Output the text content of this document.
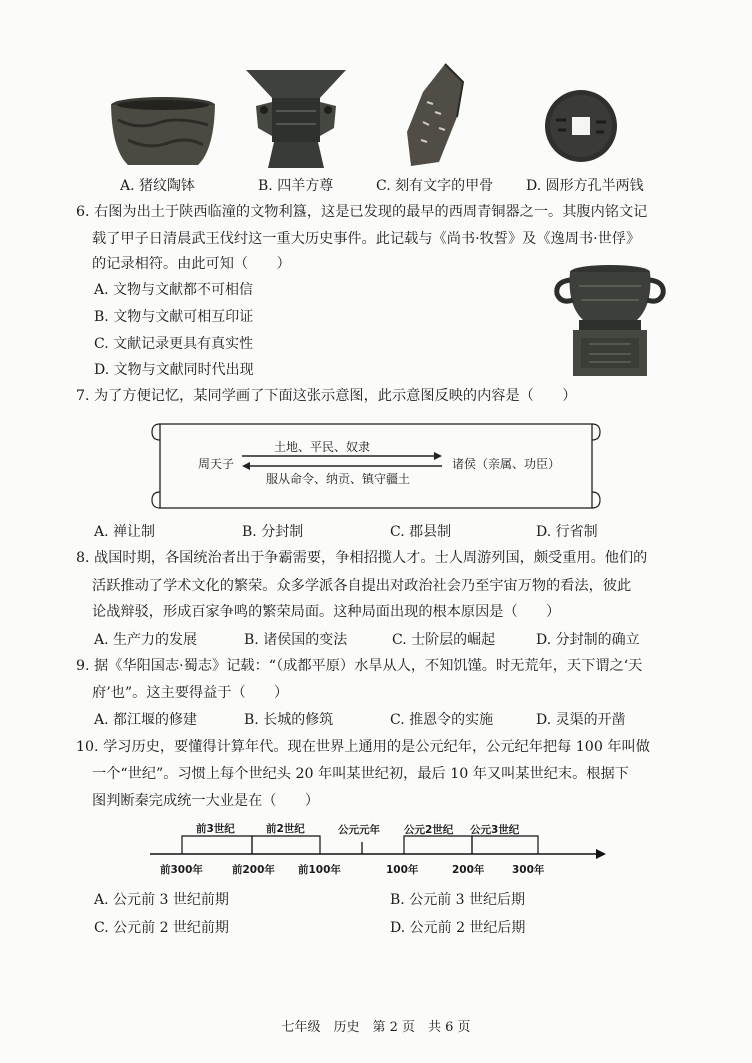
A. 猪纹陶钵	B. 四羊方尊	C. 刻有文字的甲骨 D. 圆形方孔半两钱
6. 右图为出土于陕西临潼的文物利簋，这是已发现的最早的西周青铜器之一。其腹内铭文记
载了甲子日清晨武王伐纣这一重大历史事件。此记载与《尚书·牧誓》及《逸周书·世俘》
的记录相符。由此可知（　　）
A. 文物与文献都不可相信
B. 文物与文献可相互印证
C. 文献记录更具有真实性
D. 文物与文献同时代出现
7. 为了方便记忆，某同学画了下面这张示意图，此示意图反映的内容是（　　）
周天子
土地、平民、奴隶
服从命令、纳贡、镇守疆土
诸侯（亲属、功臣）
A. 禅让制	B. 分封制	C. 郡县制	D. 行省制
8. 战国时期，各国统治者出于争霸需要，争相招揽人才。士人周游列国，颇受重用。他们的
活跃推动了学术文化的繁荣。众多学派各自提出对政治社会乃至宇宙万物的看法，彼此
论战辩驳，形成百家争鸣的繁荣局面。这种局面出现的根本原因是（　　）
A. 生产力的发展	B. 诸侯国的变法	C. 士阶层的崛起	D. 分封制的确立
9. 据《华阳国志·蜀志》记载：“（成都平原）水旱从人，不知饥馑。时无荒年，天下谓之‘天
府’也”。这主要得益于（　　）
A. 都江堰的修建	B. 长城的修筑	C. 推恩令的实施	D. 灵渠的开凿
10. 学习历史，要懂得计算年代。现在世界上通用的是公元纪年，公元纪年把每 100 年叫做
一个“世纪”。习惯上每个世纪头 20 年叫某世纪初，最后 10 年又叫某世纪末。根据下
图判断秦完成统一大业是在（　　）
前3世纪	前2世纪	公元元年 公元2世纪 公元3世纪
前300年	前200年 前100年	100年	200年	300年
A. 公元前 3 世纪前期	B. 公元前 3 世纪后期
C. 公元前 2 世纪前期	D. 公元前 2 世纪后期
七年级　历史　第 2 页　共 6 页
